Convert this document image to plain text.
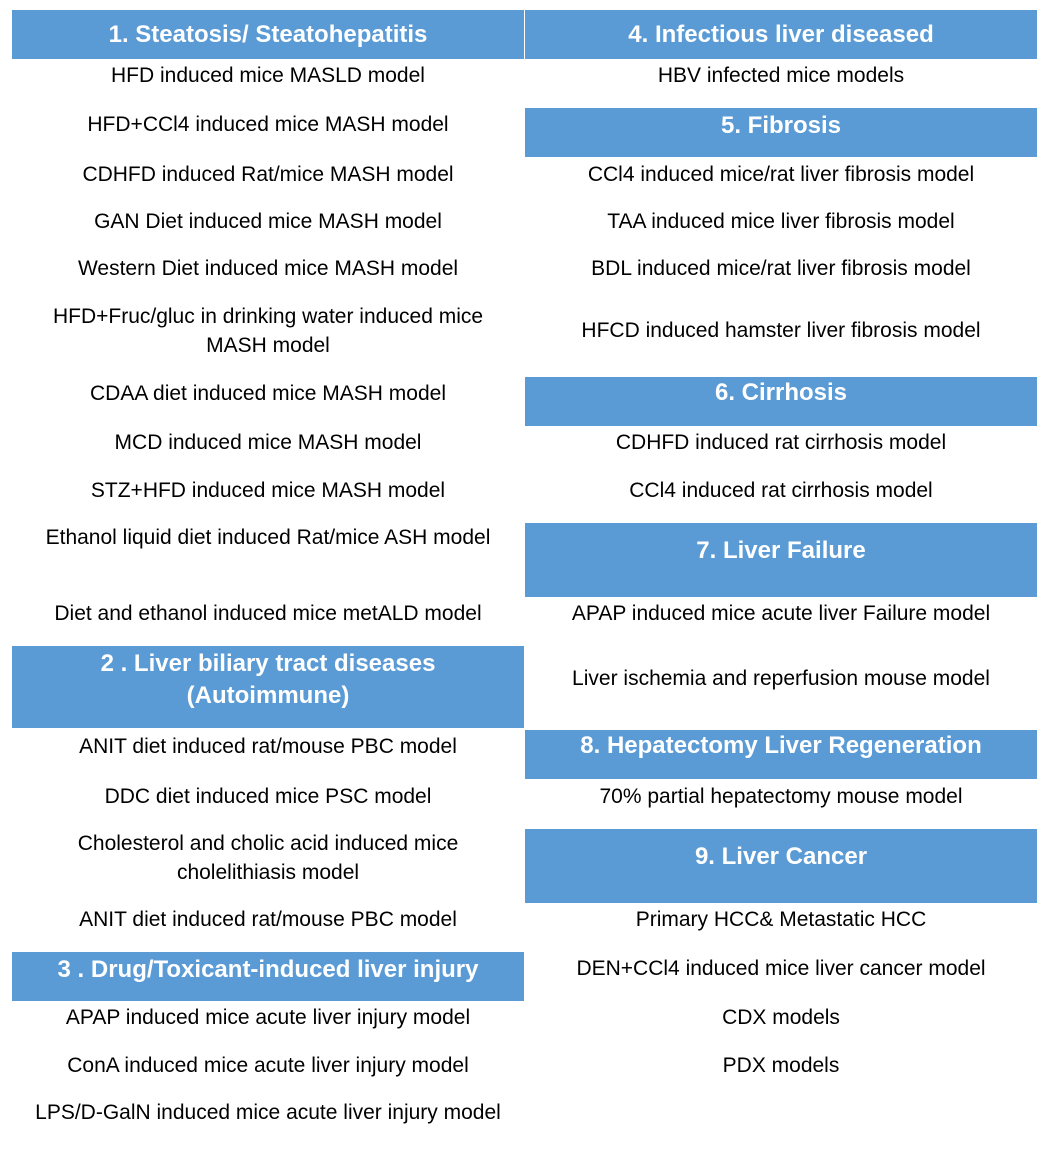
1. Steatosis/ Steatohepatitis
HFD induced mice MASLD model
HFD+CCl4 induced mice MASH model
CDHFD induced Rat/mice MASH model
GAN Diet induced mice MASH model
Western Diet induced mice MASH model
HFD+Fruc/gluc in drinking water induced mice MASH model
CDAA diet induced mice MASH model
MCD induced mice MASH model
STZ+HFD induced mice MASH model
Ethanol liquid diet induced Rat/mice ASH model
Diet and ethanol induced mice metALD model
2 . Liver biliary tract diseases
(Autoimmune)
ANIT diet induced rat/mouse PBC model
DDC diet induced mice PSC model
Cholesterol and cholic acid induced mice cholelithiasis model
ANIT diet induced rat/mouse PBC model
3 . Drug/Toxicant-induced liver injury
APAP induced mice acute liver injury model
ConA induced mice acute liver injury model
LPS/D-GalN induced mice acute liver injury model
4. Infectious liver diseased
HBV infected mice models
5. Fibrosis
CCl4 induced mice/rat liver fibrosis model
TAA induced mice liver fibrosis model
BDL induced mice/rat liver fibrosis model
HFCD induced hamster liver fibrosis model
6. Cirrhosis
CDHFD induced rat cirrhosis model
CCl4 induced rat cirrhosis model
7. Liver Failure
APAP induced mice acute liver Failure model
Liver ischemia and reperfusion mouse model
8. Hepatectomy Liver Regeneration
70% partial hepatectomy mouse model
9. Liver Cancer
Primary HCC& Metastatic HCC
DEN+CCl4 induced mice liver cancer model
CDX models
PDX models
